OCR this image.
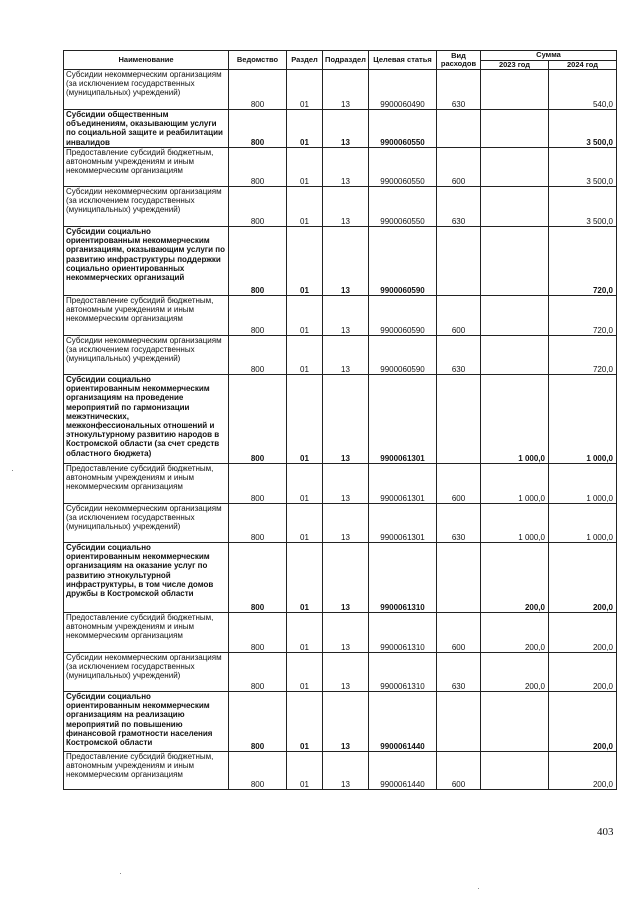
Наименование	Ведомство	Раздел	Подраздел	Целевая статья	Вид расходов	Сумма	
						2023 год	2024 год
Субсидии некоммерческим организациям (за исключением государственных (муниципальных) учреждений)	800	01	13	9900060490	630		540,0
Субсидии общественным объединениям, оказывающим услуги по социальной защите и реабилитации инвалидов	800	01	13	9900060550			3 500,0
Предоставление субсидий бюджетным, автономным учреждениям и иным некоммерческим организациям	800	01	13	9900060550	600		3 500,0
Субсидии некоммерческим организациям (за исключением государственных (муниципальных) учреждений)	800	01	13	9900060550	630		3 500,0
Субсидии социально ориентированным некоммерческим организациям, оказывающим услуги по развитию инфраструктуры поддержки социально ориентированных некоммерческих организаций	800	01	13	9900060590			720,0
Предоставление субсидий бюджетным, автономным учреждениям и иным некоммерческим организациям	800	01	13	9900060590	600		720,0
Субсидии некоммерческим организациям (за исключением государственных (муниципальных) учреждений)	800	01	13	9900060590	630		720,0
Субсидии социально ориентированным некоммерческим организациям на проведение мероприятий по гармонизации межэтнических, межконфессиональных отношений и этнокультурному развитию народов в Костромской области (за счет средств областного бюджета)	800	01	13	9900061301		1 000,0	1 000,0
Предоставление субсидий бюджетным, автономным учреждениям и иным некоммерческим организациям	800	01	13	9900061301	600	1 000,0	1 000,0
Субсидии некоммерческим организациям (за исключением государственных (муниципальных) учреждений)	800	01	13	9900061301	630	1 000,0	1 000,0
Субсидии социально ориентированным некоммерческим организациям на оказание услуг по развитию этнокультурной инфраструктуры, в том числе домов дружбы в Костромской области	800	01	13	9900061310		200,0	200,0
Предоставление субсидий бюджетным, автономным учреждениям и иным некоммерческим организациям	800	01	13	9900061310	600	200,0	200,0
Субсидии некоммерческим организациям (за исключением государственных (муниципальных) учреждений)	800	01	13	9900061310	630	200,0	200,0
Субсидии социально ориентированным некоммерческим организациям на реализацию мероприятий по повышению финансовой грамотности населения Костромской области	800	01	13	9900061440			200,0
Предоставление субсидий бюджетным, автономным учреждениям и иным некоммерческим организациям	800	01	13	9900061440	600		200,0
403
